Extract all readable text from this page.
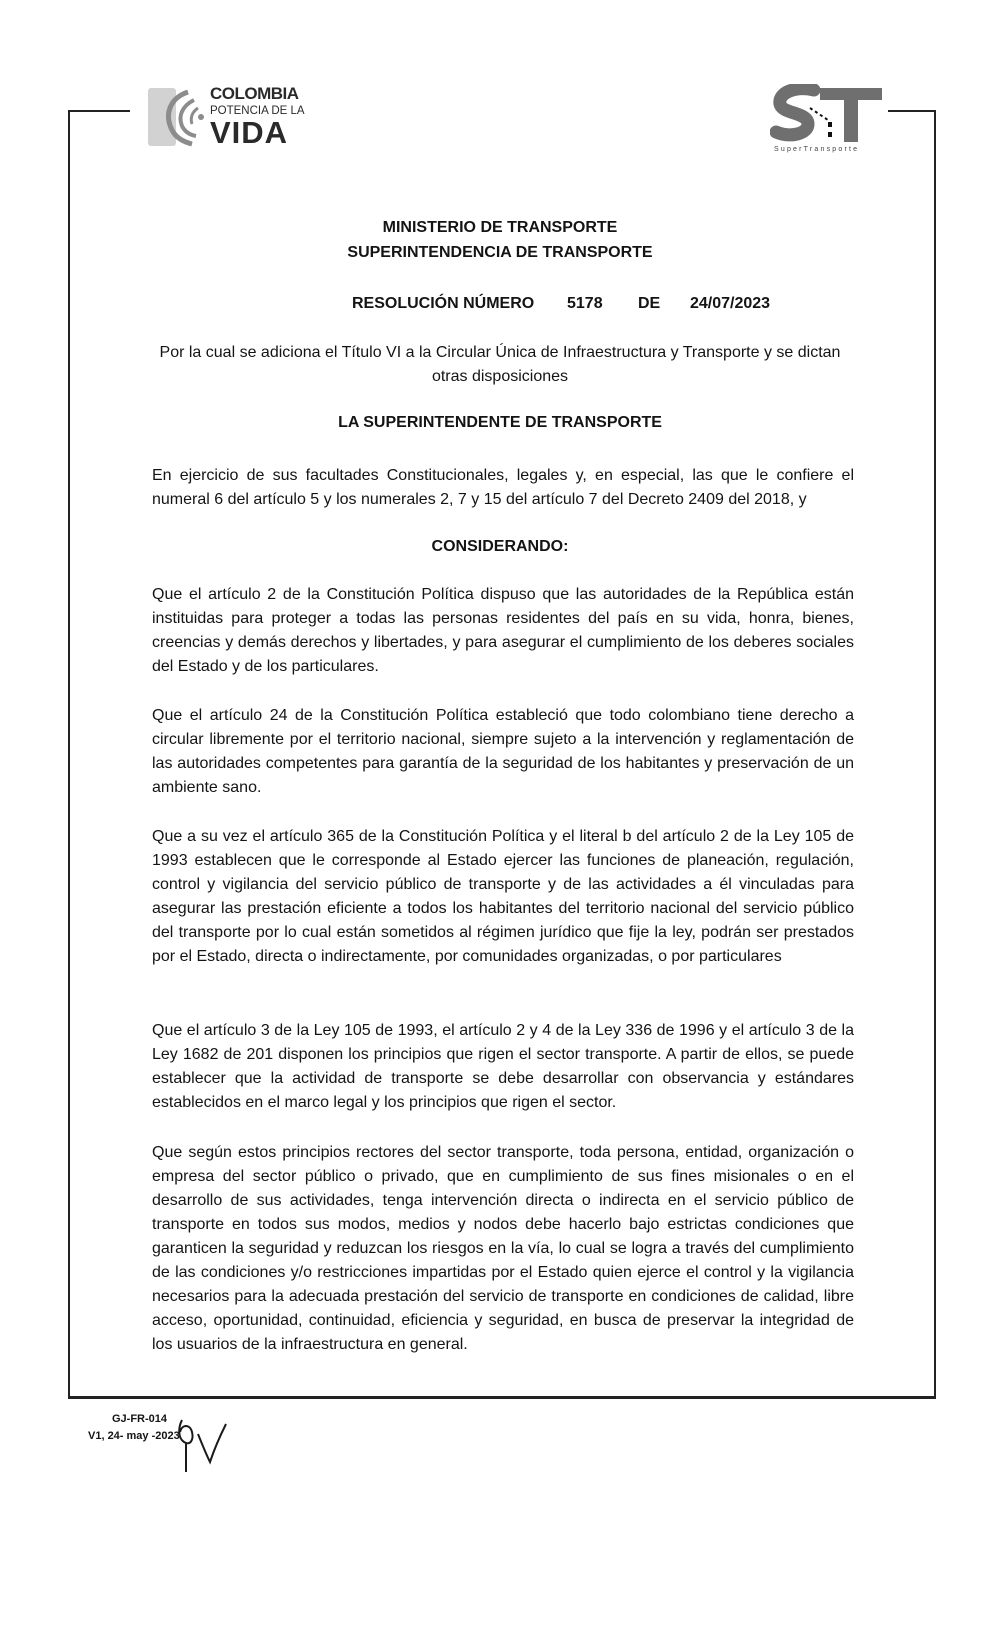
COLOMBIA
POTENCIA DE LA
VIDA	SuperTransporte
MINISTERIO DE TRANSPORTE
SUPERINTENDENCIA DE TRANSPORTE
RESOLUCIÓN NÚMERO 5178 DE 24/07/2023
Por la cual se adiciona el Título VI a la Circular Única de Infraestructura y Transporte y se dictan otras disposiciones
LA SUPERINTENDENTE DE TRANSPORTE
En ejercicio de sus facultades Constitucionales, legales y, en especial, las que le confiere el numeral 6 del artículo 5 y los numerales 2, 7 y 15 del artículo 7 del Decreto 2409 del 2018, y
CONSIDERANDO:

Que el artículo 2 de la Constitución Política dispuso que las autoridades de la República están instituidas para proteger a todas las personas residentes del país en su vida, honra, bienes, creencias y demás derechos y libertades, y para asegurar el cumplimiento de los deberes sociales del Estado y de los particulares.

Que el artículo 24 de la Constitución Política estableció que todo colombiano tiene derecho a circular libremente por el territorio nacional, siempre sujeto a la intervención y reglamentación de las autoridades competentes para garantía de la seguridad de los habitantes y preservación de un ambiente sano.

Que a su vez el artículo 365 de la Constitución Política y el literal b del artículo 2 de la Ley 105 de 1993 establecen que le corresponde al Estado ejercer las funciones de planeación, regulación, control y vigilancia del servicio público de transporte y de las actividades a él vinculadas para asegurar las prestación eficiente a todos los habitantes del territorio nacional del servicio público del transporte por lo cual están sometidos al régimen jurídico que fije la ley, podrán ser prestados por el Estado, directa o indirectamente, por comunidades organizadas, o por particulares

Que el artículo 3 de la Ley 105 de 1993, el artículo 2 y 4 de la Ley 336 de 1996 y el artículo 3 de la Ley 1682 de 201 disponen los principios que rigen el sector transporte. A partir de ellos, se puede establecer que la actividad de transporte se debe desarrollar con observancia y estándares establecidos en el marco legal y los principios que rigen el sector.

Que según estos principios rectores del sector transporte, toda persona, entidad, organización o empresa del sector público o privado, que en cumplimiento de sus fines misionales o en el desarrollo de sus actividades, tenga intervención directa o indirecta en el servicio público de transporte en todos sus modos, medios y nodos debe hacerlo bajo estrictas condiciones que garanticen la seguridad y reduzcan los riesgos en la vía, lo cual se logra a través del cumplimiento de las condiciones y/o restricciones impartidas por el Estado quien ejerce el control y la vigilancia necesarios para la adecuada prestación del servicio de transporte en condiciones de calidad, libre acceso, oportunidad, continuidad, eficiencia y seguridad, en busca de preservar la integridad de los usuarios de la infraestructura en general.

GJ-FR-014
V1, 24- may -2023
